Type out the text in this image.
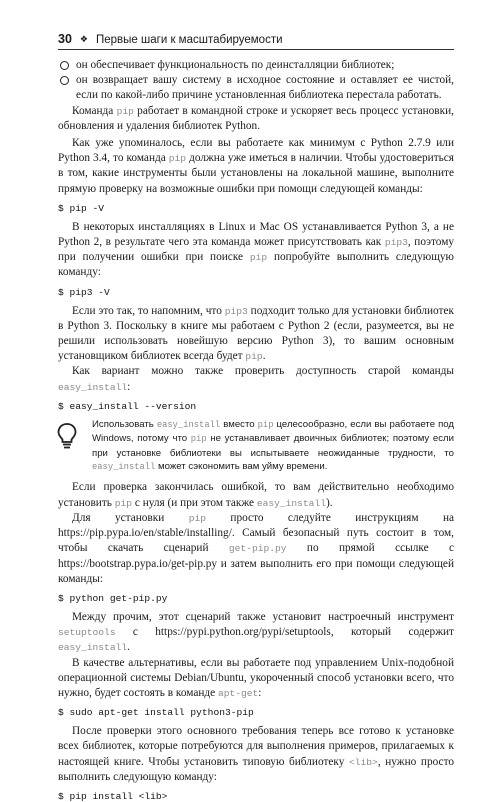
30 ❖ Первые шаги к масштабируемости
он обеспечивает функциональность по деинсталляции библиотек;
он возвращает вашу систему в исходное состояние и оставляет ее чистой, если по какой-либо причине установленная библиотека перестала работать.

Команда pip работает в командной строке и ускоряет весь процесс установки, обновления и удаления библиотек Python.

Как уже упоминалось, если вы работаете как минимум с Python 2.7.9 или Python 3.4, то команда pip должна уже иметься в наличии. Чтобы удостовериться в том, какие инструменты были установлены на локальной машине, выполните прямую проверку на возможные ошибки при помощи следующей команды:

$ pip -V

В некоторых инсталляциях в Linux и Mac OS устанавливается Python 3, а не Python 2, в результате чего эта команда может присутствовать как pip3, поэтому при получении ошибки при поиске pip попробуйте выполнить следующую команду:

$ pip3 -V

Если это так, то напомним, что pip3 подходит только для установки библиотек в Python 3. Поскольку в книге мы работаем с Python 2 (если, разумеется, вы не решили использовать новейшую версию Python 3), то вашим основным установщиком библиотек всегда будет pip.

Как вариант можно также проверить доступность старой команды easy_install:

$ easy_install --version
Использовать easy_install вместо pip целесообразно, если вы работаете под Windows, потому что pip не устанавливает двоичных библиотек; поэтому если при установке библиотеки вы испытываете неожиданные трудности, то easy_install может сэкономить вам уйму времени.

Если проверка закончилась ошибкой, то вам действительно необходимо установить pip с нуля (и при этом также easy_install).

Для установки pip просто следуйте инструкциям на https://pip.pypa.io/en/stable/installing/. Самый безопасный путь состоит в том, чтобы скачать сценарий get-pip.py по прямой ссылке с https://bootstrap.pypa.io/get-pip.py и затем выполнить его при помощи следующей команды:

$ python get-pip.py

Между прочим, этот сценарий также установит настроечный инструмент setuptools с https://pypi.python.org/pypi/setuptools, который содержит easy_install.

В качестве альтернативы, если вы работаете под управлением Unix-подобной операционной системы Debian/Ubuntu, укороченный способ установки всего, что нужно, будет состоять в команде apt-get:

$ sudo apt-get install python3-pip

После проверки этого основного требования теперь все готово к установке всех библиотек, которые потребуются для выполнения примеров, прилагаемых к настоящей книге. Чтобы установить типовую библиотеку <lib>, нужно просто выполнить следующую команду:

$ pip install <lib>
